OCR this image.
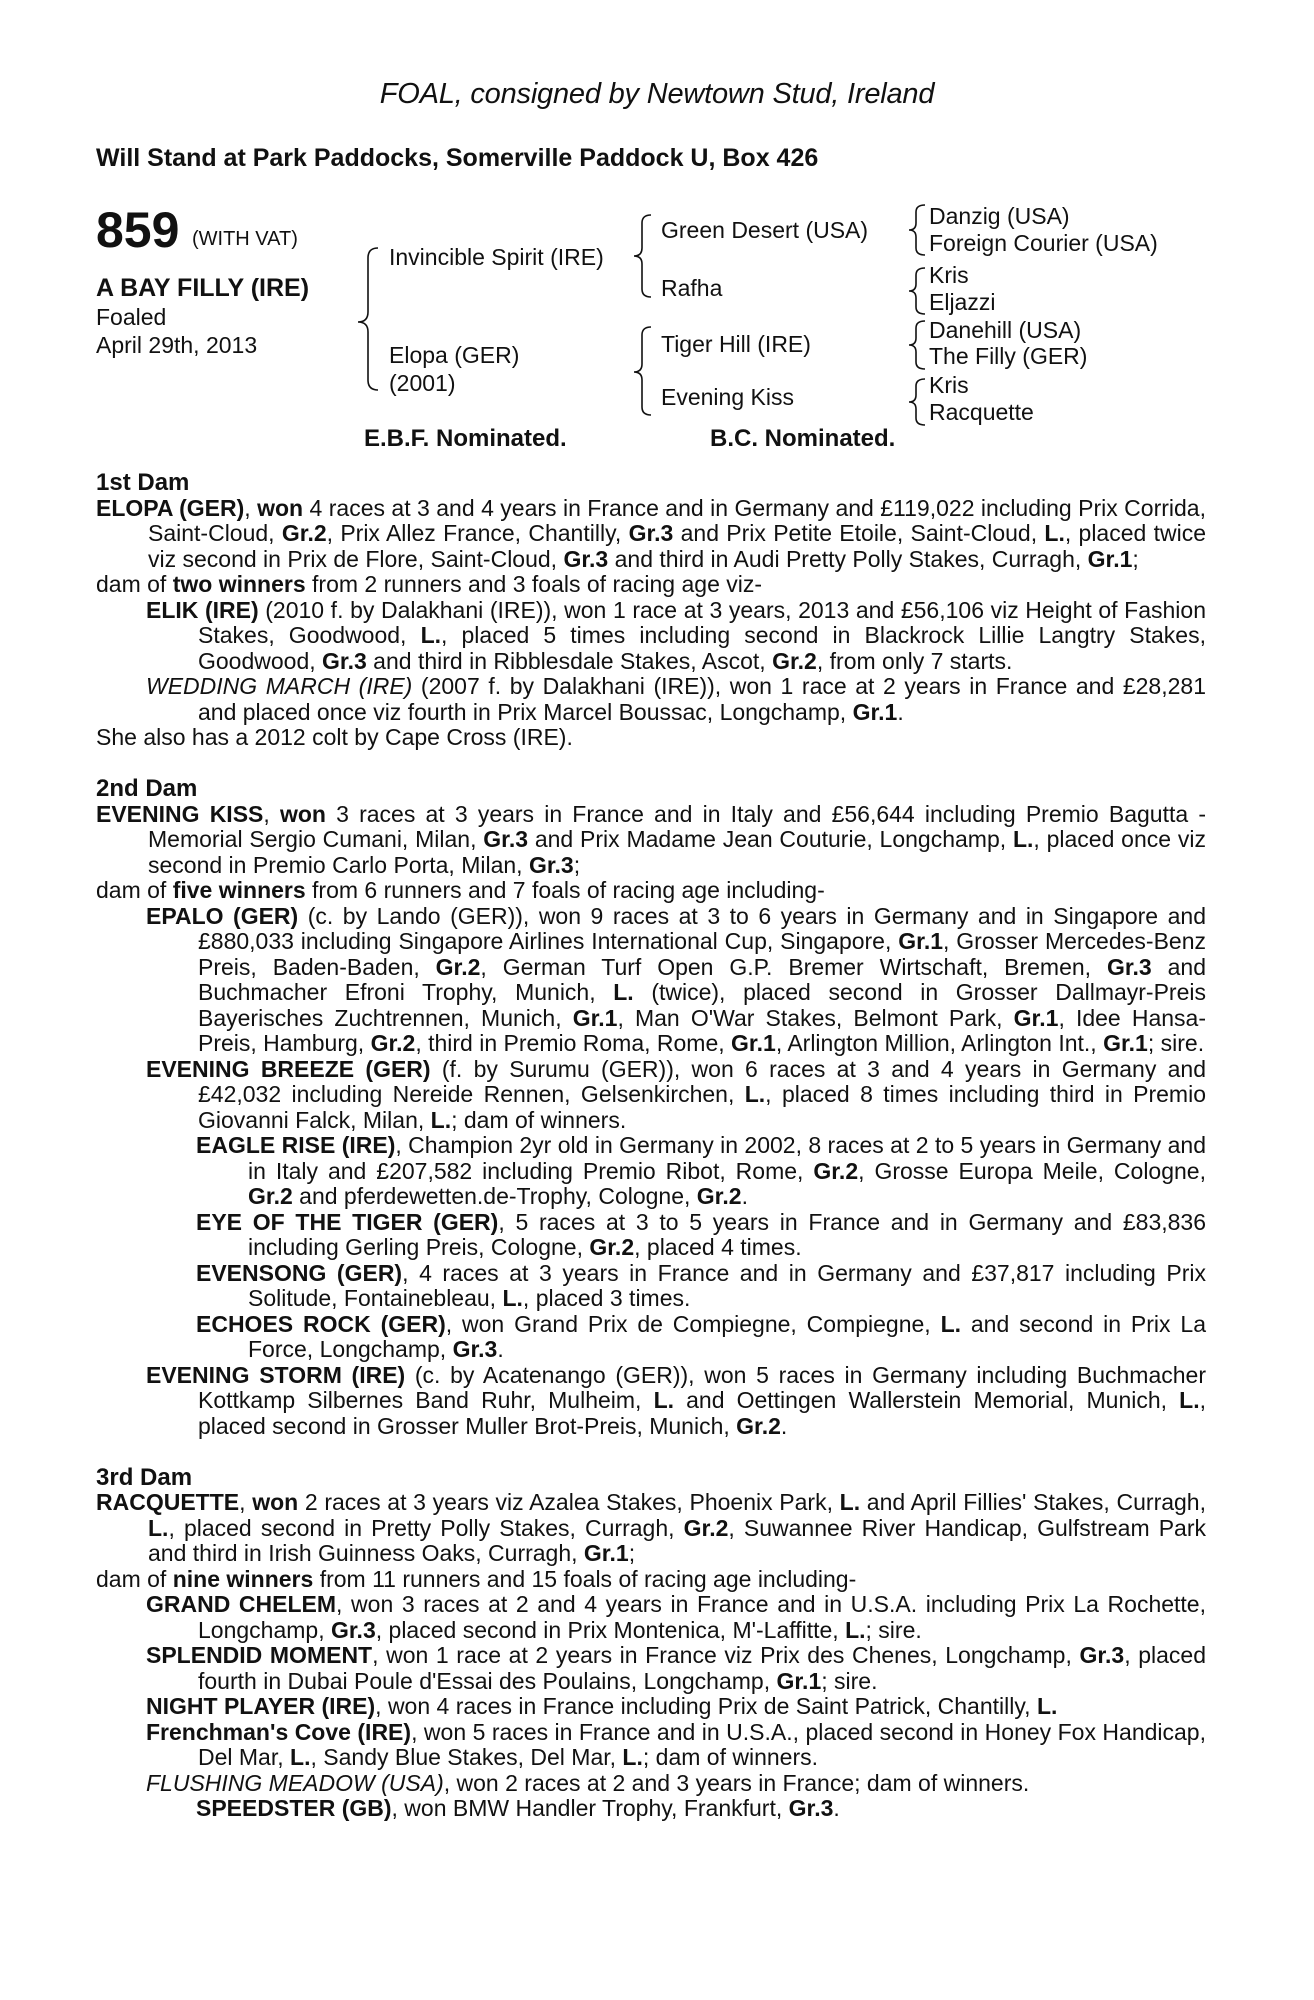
FOAL, consigned by Newtown Stud, Ireland
Will Stand at Park Paddocks, Somerville Paddock U, Box 426
859 (WITH VAT)
A BAY FILLY (IRE)
Foaled
April 29th, 2013
Invincible Spirit (IRE)
Elopa (GER)
(2001)
Green Desert (USA)
Rafha
Tiger Hill (IRE)
Evening Kiss
Danzig (USA)
Foreign Courier (USA)
Kris
Eljazzi
Danehill (USA)
The Filly (GER)
Kris
Racquette
E.B.F. Nominated.	B.C. Nominated.
1st Dam
ELOPA (GER), won 4 races at 3 and 4 years in France and in Germany and £119,022 including Prix Corrida, Saint-Cloud, Gr.2, Prix Allez France, Chantilly, Gr.3 and Prix Petite Etoile, Saint-Cloud, L., placed twice viz second in Prix de Flore, Saint-Cloud, Gr.3 and third in Audi Pretty Polly Stakes, Curragh, Gr.1;
dam of two winners from 2 runners and 3 foals of racing age viz-
ELIK (IRE) (2010 f. by Dalakhani (IRE)), won 1 race at 3 years, 2013 and £56,106 viz Height of Fashion Stakes, Goodwood, L., placed 5 times including second in Blackrock Lillie Langtry Stakes, Goodwood, Gr.3 and third in Ribblesdale Stakes, Ascot, Gr.2, from only 7 starts.
WEDDING MARCH (IRE) (2007 f. by Dalakhani (IRE)), won 1 race at 2 years in France and £28,281 and placed once viz fourth in Prix Marcel Boussac, Longchamp, Gr.1.
She also has a 2012 colt by Cape Cross (IRE).
2nd Dam
EVENING KISS, won 3 races at 3 years in France and in Italy and £56,644 including Premio Bagutta - Memorial Sergio Cumani, Milan, Gr.3 and Prix Madame Jean Couturie, Longchamp, L., placed once viz second in Premio Carlo Porta, Milan, Gr.3;
dam of five winners from 6 runners and 7 foals of racing age including-
EPALO (GER) (c. by Lando (GER)), won 9 races at 3 to 6 years in Germany and in Singapore and £880,033 including Singapore Airlines International Cup, Singapore, Gr.1, Grosser Mercedes-Benz Preis, Baden-Baden, Gr.2, German Turf Open G.P. Bremer Wirtschaft, Bremen, Gr.3 and Buchmacher Efroni Trophy, Munich, L. (twice), placed second in Grosser Dallmayr-Preis Bayerisches Zuchtrennen, Munich, Gr.1, Man O'War Stakes, Belmont Park, Gr.1, Idee Hansa-Preis, Hamburg, Gr.2, third in Premio Roma, Rome, Gr.1, Arlington Million, Arlington Int., Gr.1; sire.
EVENING BREEZE (GER) (f. by Surumu (GER)), won 6 races at 3 and 4 years in Germany and £42,032 including Nereide Rennen, Gelsenkirchen, L., placed 8 times including third in Premio Giovanni Falck, Milan, L.; dam of winners.
EAGLE RISE (IRE), Champion 2yr old in Germany in 2002, 8 races at 2 to 5 years in Germany and in Italy and £207,582 including Premio Ribot, Rome, Gr.2, Grosse Europa Meile, Cologne, Gr.2 and pferdewetten.de-Trophy, Cologne, Gr.2.
EYE OF THE TIGER (GER), 5 races at 3 to 5 years in France and in Germany and £83,836 including Gerling Preis, Cologne, Gr.2, placed 4 times.
EVENSONG (GER), 4 races at 3 years in France and in Germany and £37,817 including Prix Solitude, Fontainebleau, L., placed 3 times.
ECHOES ROCK (GER), won Grand Prix de Compiegne, Compiegne, L. and second in Prix La Force, Longchamp, Gr.3.
EVENING STORM (IRE) (c. by Acatenango (GER)), won 5 races in Germany including Buchmacher Kottkamp Silbernes Band Ruhr, Mulheim, L. and Oettingen Wallerstein Memorial, Munich, L., placed second in Grosser Muller Brot-Preis, Munich, Gr.2.
3rd Dam
RACQUETTE, won 2 races at 3 years viz Azalea Stakes, Phoenix Park, L. and April Fillies' Stakes, Curragh, L., placed second in Pretty Polly Stakes, Curragh, Gr.2, Suwannee River Handicap, Gulfstream Park and third in Irish Guinness Oaks, Curragh, Gr.1;
dam of nine winners from 11 runners and 15 foals of racing age including-
GRAND CHELEM, won 3 races at 2 and 4 years in France and in U.S.A. including Prix La Rochette, Longchamp, Gr.3, placed second in Prix Montenica, M'-Laffitte, L.; sire.
SPLENDID MOMENT, won 1 race at 2 years in France viz Prix des Chenes, Longchamp, Gr.3, placed fourth in Dubai Poule d'Essai des Poulains, Longchamp, Gr.1; sire.
NIGHT PLAYER (IRE), won 4 races in France including Prix de Saint Patrick, Chantilly, L.
Frenchman's Cove (IRE), won 5 races in France and in U.S.A., placed second in Honey Fox Handicap, Del Mar, L., Sandy Blue Stakes, Del Mar, L.; dam of winners.
FLUSHING MEADOW (USA), won 2 races at 2 and 3 years in France; dam of winners.
SPEEDSTER (GB), won BMW Handler Trophy, Frankfurt, Gr.3.
